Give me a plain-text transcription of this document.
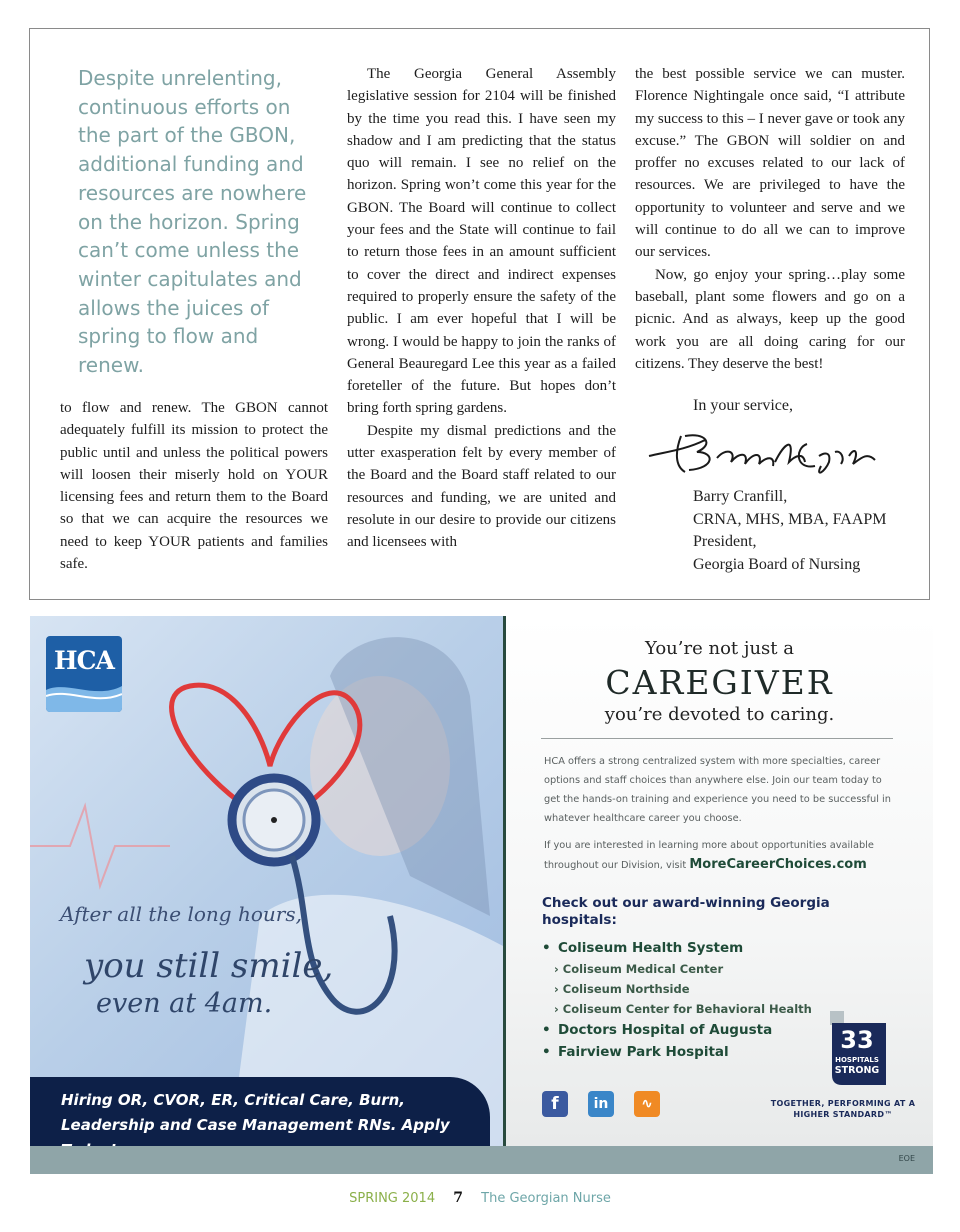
Despite unrelenting, continuous efforts on the part of the GBON, additional funding and resources are nowhere on the horizon. Spring can’t come unless the winter capitulates and allows the juices of spring to flow and renew.

to flow and renew. The GBON cannot adequately fulfill its mission to protect the public until and unless the political powers will loosen their miserly hold on YOUR licensing fees and return them to the Board so that we can acquire the resources we need to keep YOUR patients and families safe.

The Georgia General Assembly legislative session for 2104 will be finished by the time you read this. I have seen my shadow and I am predicting that the status quo will remain. I see no relief on the horizon. Spring won’t come this year for the GBON. The Board will continue to collect your fees and the State will continue to fail to return those fees in an amount sufficient to cover the direct and indirect expenses required to properly ensure the safety of the public. I am ever hopeful that I will be wrong. I would be happy to join the ranks of General Beauregard Lee this year as a failed foreteller of the future. But hopes don’t bring forth spring gardens.

Despite my dismal predictions and the utter exasperation felt by every member of the Board and the Board staff related to our resources and funding, we are united and resolute in our desire to provide our citizens and licensees with

the best possible service we can muster. Florence Nightingale once said, “I attribute my success to this – I never gave or took any excuse.” The GBON will soldier on and proffer no excuses related to our lack of resources. We are privileged to have the opportunity to volunteer and serve and we will continue to do all we can to improve our services.

Now, go enjoy your spring…play some baseball, plant some flowers and go on a picnic. And as always, keep up the good work you are all doing caring for our citizens. They deserve the best!

In your service,
Barry Cranfill,
CRNA, MHS, MBA, FAAPM
President,
Georgia Board of Nursing
HCA
After all the long hours,
you still smile,
even at 4am.
Hiring OR, CVOR, ER, Critical Care, Burn, Leadership and Case Management RNs. Apply
You’re not just a
CAREGIVER
you’re devoted to caring.
HCA offers a strong centralized system with more specialties, career options and staff choices than anywhere else. Join our team today to get the hands-on training and experience you need to be successful in whatever healthcare career you choose.
If you are interested in learning more about opportunities available throughout our Division, visit MoreCareerChoices.com
Check out our award-winning Georgia hospitals:
• Coliseum Health System
› Coliseum Medical Center
› Coliseum Northside
› Coliseum Center for Behavioral Health
• Doctors Hospital of Augusta
• Fairview Park Hospital
f	in	∿
33
HOSPITALS
STRONG
TOGETHER, PERFORMING AT A HIGHER STANDARD™
EOE
SPRING 2014 7 The Georgian Nurse
